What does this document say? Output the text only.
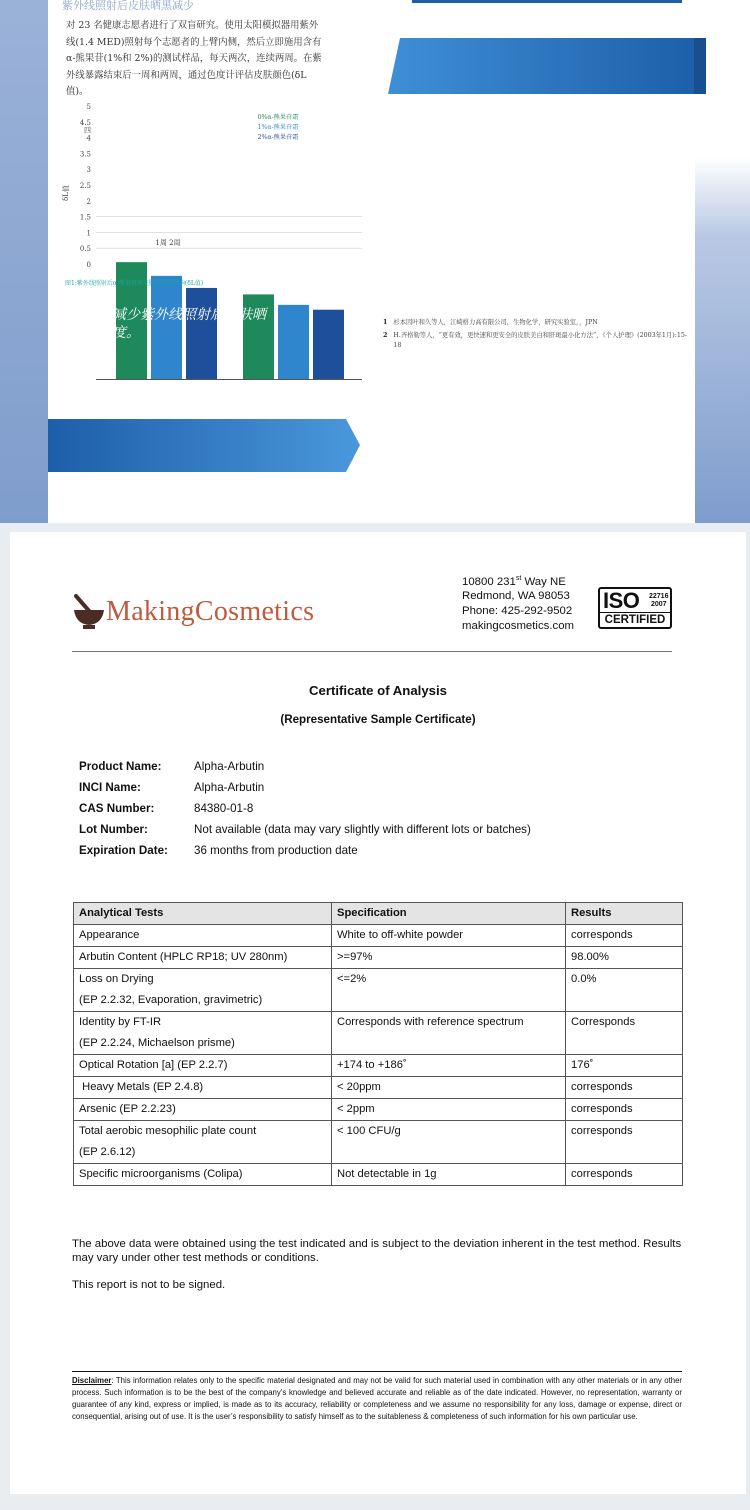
紫外线照射后皮肤晒黑减少
对 23 名健康志愿者进行了双盲研究。使用太阳模拟器用紫外
线(1.4 MED)照射每个志愿者的上臂内侧，然后立即施用含有
α-熊果苷(1%和 2%)的测试样品，每天两次，连续两周。在紫
外线暴露结束后一周和两周，通过色度计评估皮肤颜色(δL
值)。
0
0.5
1
1.5
2
2.5
3
3.5
4
4.5
5
四
δL值
1周 2周
0%α-熊果苷霜
1%α-熊果苷霜
2%α-熊果苷霜
图1:紫外线照射后α-熊果苷对皮肤颜色的影响(δL值)
苷减少紫外线照射后皮肤晒
度。
1 杉本因叶和久等人，江崎格力高有限公司，生物化学，研究实验室，，JPN
2 H.齐格勒等人，“更有效，更快速和更安全的皮肤美白和肝斑最小化方法”，《个人护理》(2003年1月):15-18
MakingCosmetics
10800 231st Way NE
Redmond, WA 98053
Phone: 425-292-9502
makingcosmetics.com
ISO 22716
2007
CERTIFIED
Certificate of Analysis
(Representative Sample Certificate)
Product Name:	Alpha-Arbutin
INCI Name:	Alpha-Arbutin
CAS Number:	84380-01-8
Lot Number:	Not available (data may vary slightly with different lots or batches)
Expiration Date:	36 months from production date
Analytical Tests	Specification	Results
Appearance	White to off-white powder	corresponds
Arbutin Content (HPLC RP18; UV 280nm)	>=97%	98.00%
Loss on Drying
(EP 2.2.32, Evaporation, gravimetric)	<=2%	0.0%
Identity by FT-IR
(EP 2.2.24, Michaelson prisme)	Corresponds with reference spectrum	Corresponds
Optical Rotation [a] (EP 2.2.7)	+174 to +186˚	176˚
Heavy Metals (EP 2.4.8)	< 20ppm	corresponds
Arsenic (EP 2.2.23)	< 2ppm	corresponds
Total aerobic mesophilic plate count
(EP 2.6.12)	< 100 CFU/g	corresponds
Specific microorganisms (Colipa)	Not detectable in 1g	corresponds

The above data were obtained using the test indicated and is subject to the deviation inherent in the test method. Results may vary under other test methods or conditions.

This report is not to be signed.

Disclaimer: This information relates only to the specific material designated and may not be valid for such material used in combination with any other materials or in any other process. Such information is to be the best of the company’s knowledge and believed accurate and reliable as of the date indicated. However, no representation, warranty or guarantee of any kind, express or implied, is made as to its accuracy, reliability or completeness and we assume no responsibility for any loss, damage or expense, direct or consequential, arising out of use. It is the user’s responsibility to satisfy himself as to the suitableness & completeness of such information for his own particular use.
